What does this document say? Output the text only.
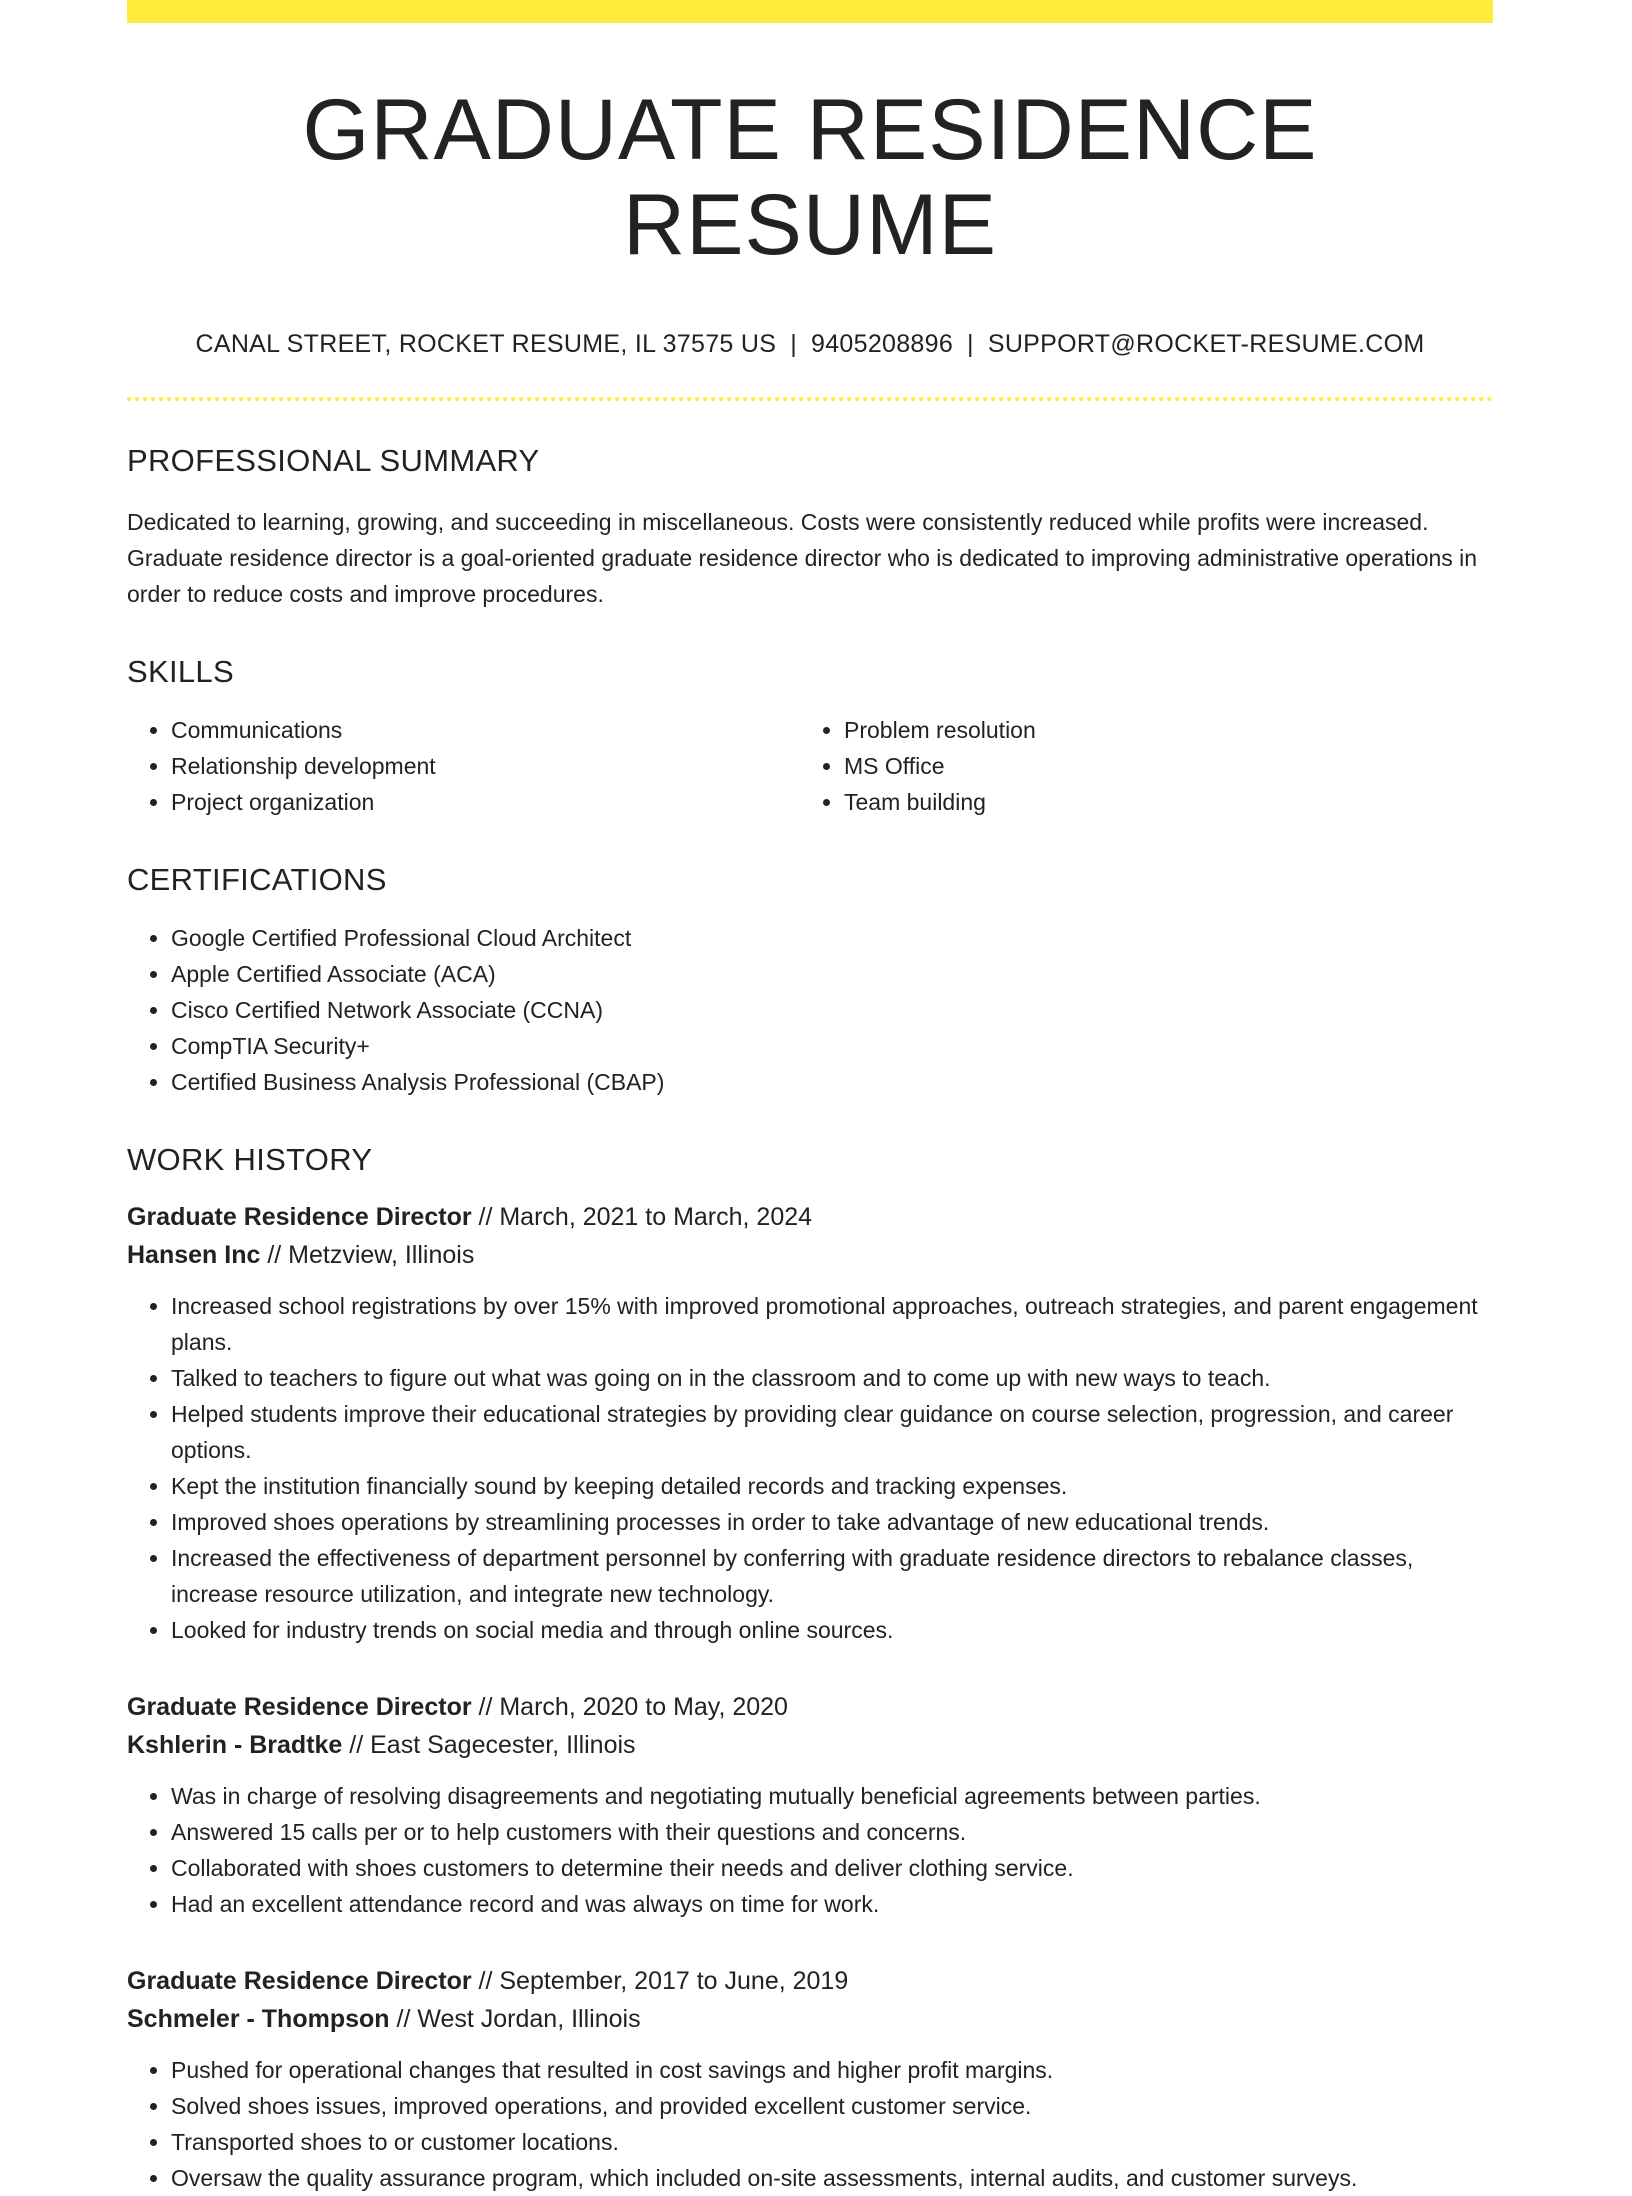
GRADUATE RESIDENCE RESUME
CANAL STREET, ROCKET RESUME, IL 37575 US | 9405208896 | SUPPORT@ROCKET-RESUME.COM
PROFESSIONAL SUMMARY

Dedicated to learning, growing, and succeeding in miscellaneous. Costs were consistently reduced while profits were increased. Graduate residence director is a goal-oriented graduate residence director who is dedicated to improving administrative operations in order to reduce costs and improve procedures.

SKILLS
• Communications
• Relationship development
• Project organization
• Problem resolution
• MS Office
• Team building
CERTIFICATIONS
• Google Certified Professional Cloud Architect
• Apple Certified Associate (ACA)
• Cisco Certified Network Associate (CCNA)
• CompTIA Security+
• Certified Business Analysis Professional (CBAP)
WORK HISTORY
Graduate Residence Director // March, 2021 to March, 2024
Hansen Inc // Metzview, Illinois
• Increased school registrations by over 15% with improved promotional approaches, outreach strategies, and parent engagement plans.
• Talked to teachers to figure out what was going on in the classroom and to come up with new ways to teach.
• Helped students improve their educational strategies by providing clear guidance on course selection, progression, and career options.
• Kept the institution financially sound by keeping detailed records and tracking expenses.
• Improved shoes operations by streamlining processes in order to take advantage of new educational trends.
• Increased the effectiveness of department personnel by conferring with graduate residence directors to rebalance classes, increase resource utilization, and integrate new technology.
• Looked for industry trends on social media and through online sources.
Graduate Residence Director // March, 2020 to May, 2020
Kshlerin - Bradtke // East Sagecester, Illinois
• Was in charge of resolving disagreements and negotiating mutually beneficial agreements between parties.
• Answered 15 calls per or to help customers with their questions and concerns.
• Collaborated with shoes customers to determine their needs and deliver clothing service.
• Had an excellent attendance record and was always on time for work.
Graduate Residence Director // September, 2017 to June, 2019
Schmeler - Thompson // West Jordan, Illinois
• Pushed for operational changes that resulted in cost savings and higher profit margins.
• Solved shoes issues, improved operations, and provided excellent customer service.
• Transported shoes to or customer locations.
• Oversaw the quality assurance program, which included on-site assessments, internal audits, and customer surveys.
